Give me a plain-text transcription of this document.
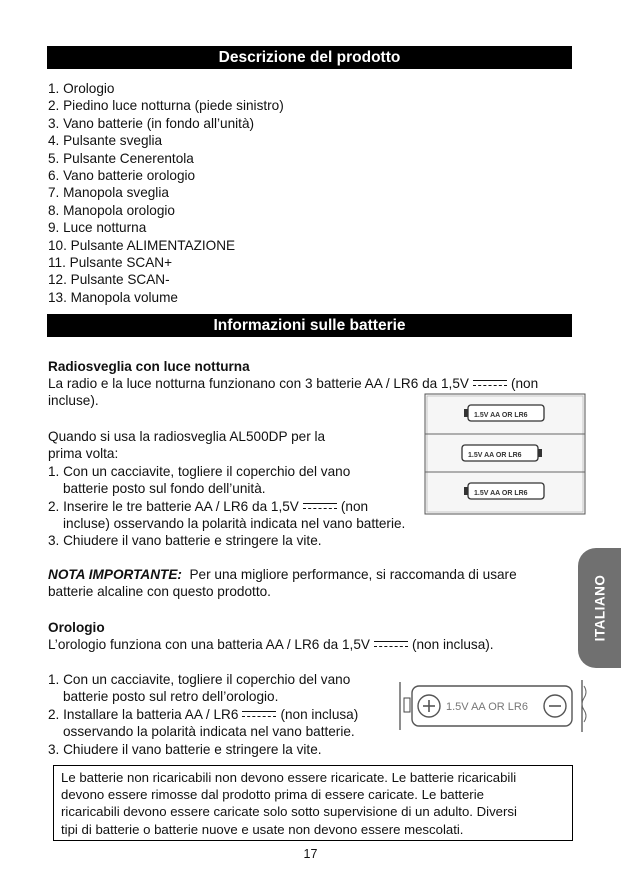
Descrizione del prodotto
1. Orologio
2. Piedino luce notturna (piede sinistro)
3. Vano batterie (in fondo all’unità)
4. Pulsante sveglia
5. Pulsante Cenerentola
6. Vano batterie orologio
7. Manopola sveglia
8. Manopola orologio
9. Luce notturna
10. Pulsante ALIMENTAZIONE
11. Pulsante SCAN+
12. Pulsante SCAN-
13. Manopola volume
Informazioni sulle batterie

Radiosveglia con luce notturna

La radio e la luce notturna funzionano con 3 batterie AA / LR6 da 1,5V	(non
incluse).

Quando si usa la radiosveglia AL500DP per la
prima volta:
1. Con un cacciavite, togliere il coperchio del vano

batterie posto sul fondo dell’unità.
2. Inserire le tre batterie AA / LR6 da 1,5V	(non

incluse) osservando la polarità indicata nel vano batterie.
3. Chiudere il vano batterie e stringere la vite.

1.5V AA OR LR6
1.5V AA OR LR6
1.5V AA OR LR6

NOTA IMPORTANTE: Per una migliore performance, si raccomanda di usare
batterie alcaline con questo prodotto.

Orologio

L’orologio funziona con una batteria AA / LR6 da 1,5V	(non inclusa).

1. Con un cacciavite, togliere il coperchio del vano

batterie posto sul retro dell’orologio.
2. Installare la batteria AA / LR6	(non inclusa)

osservando la polarità indicata nel vano batterie.
3. Chiudere il vano batterie e stringere la vite.

1.5V AA OR LR6
Le batterie non ricaricabili non devono essere ricaricate. Le batterie ricaricabili
devono essere rimosse dal prodotto prima di essere caricate. Le batterie
ricaricabili devono essere caricate solo sotto supervisione di un adulto. Diversi
tipi di batterie o batterie nuove e usate non devono essere mescolati.
ITALIANO
17
